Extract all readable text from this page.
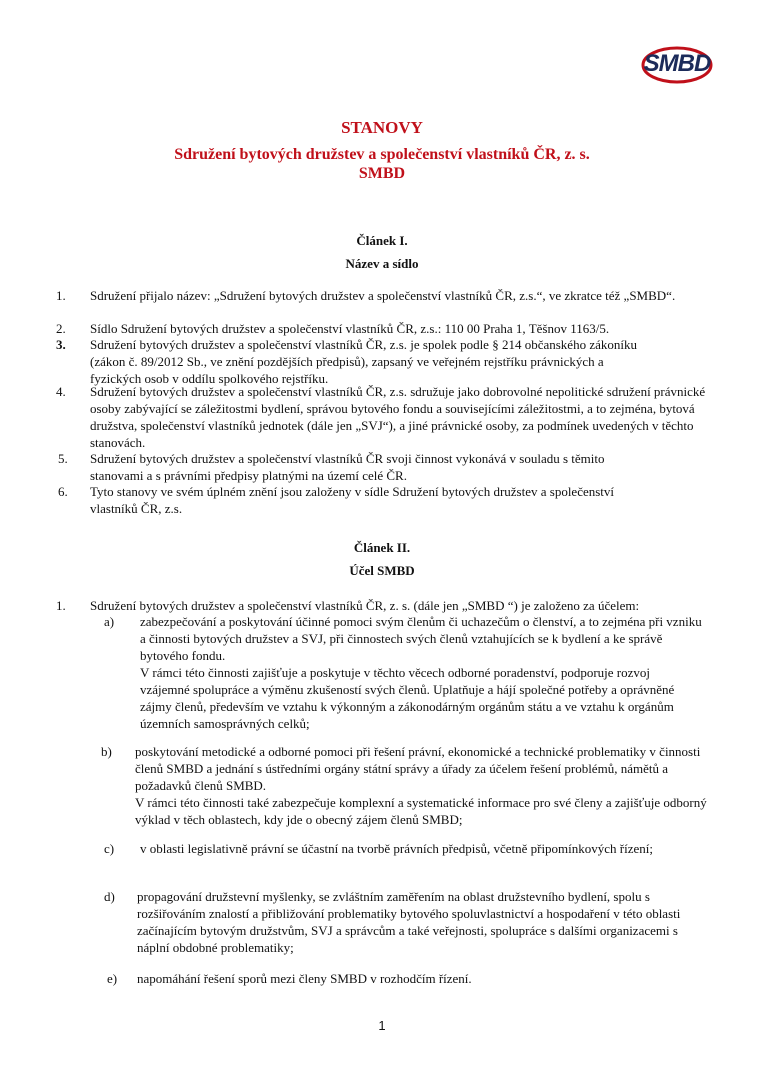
SMBD
STANOVY
Sdružení bytových družstev a společenství vlastníků ČR, z. s.
SMBD
Článek I.
Název a sídlo
1. Sdružení přijalo název: „Sdružení bytových družstev a společenství vlastníků ČR, z.s.“, ve zkratce též „SMBD“.
2. Sídlo Sdružení bytových družstev a společenství vlastníků ČR, z.s.: 110 00 Praha 1, Těšnov 1163/5.
3. Sdružení bytových družstev a společenství vlastníků ČR, z.s. je spolek podle § 214 občanského zákoníku (zákon č. 89/2012 Sb., ve znění pozdějších předpisů), zapsaný ve veřejném rejstříku právnických a fyzických osob v oddílu spolkového rejstříku.
4. Sdružení bytových družstev a společenství vlastníků ČR, z.s. sdružuje jako dobrovolné nepolitické sdružení právnické osoby zabývající se záležitostmi bydlení, správou bytového fondu a souvisejícími záležitostmi, a to zejména, bytová družstva, společenství vlastníků jednotek (dále jen „SVJ“), a jiné právnické osoby, za podmínek uvedených v těchto stanovách.
5. Sdružení bytových družstev a společenství vlastníků ČR svoji činnost vykonává v souladu s těmito stanovami a s právními předpisy platnými na území celé ČR.
6. Tyto stanovy ve svém úplném znění jsou založeny v sídle Sdružení bytových družstev a společenství vlastníků ČR, z.s.
Článek II.
Účel SMBD
1. Sdružení bytových družstev a společenství vlastníků ČR, z. s. (dále jen „SMBD “) je založeno za účelem:
a) zabezpečování a poskytování účinné pomoci svým členům či uchazečům o členství, a to zejména při vzniku a činnosti bytových družstev a SVJ, při činnostech svých členů vztahujících se k bydlení a ke správě bytového fondu.
V rámci této činnosti zajišťuje a poskytuje v těchto věcech odborné poradenství, podporuje rozvoj vzájemné spolupráce a výměnu zkušeností svých členů. Uplatňuje a hájí společné potřeby a oprávněné zájmy členů, především ve vztahu k výkonným a zákonodárným orgánům státu a ve vztahu k orgánům územních samosprávných celků;
b) poskytování metodické a odborné pomoci při řešení právní, ekonomické a technické problematiky v činnosti členů SMBD a jednání s ústředními orgány státní správy a úřady za účelem řešení problémů, námětů a požadavků členů SMBD.
V rámci této činnosti také zabezpečuje komplexní a systematické informace pro své členy a zajišťuje odborný výklad v těch oblastech, kdy jde o obecný zájem členů SMBD;
c) v oblasti legislativně právní se účastní na tvorbě právních předpisů, včetně připomínkových řízení;
d) propagování družstevní myšlenky, se zvláštním zaměřením na oblast družstevního bydlení, spolu s rozšiřováním znalostí a přibližování problematiky bytového spoluvlastnictví a hospodaření v této oblasti začínajícím bytovým družstvům, SVJ a správcům a také veřejnosti, spolupráce s dalšími organizacemi s náplní obdobné problematiky;
e) napomáhání řešení sporů mezi členy SMBD v rozhodčím řízení.
1
